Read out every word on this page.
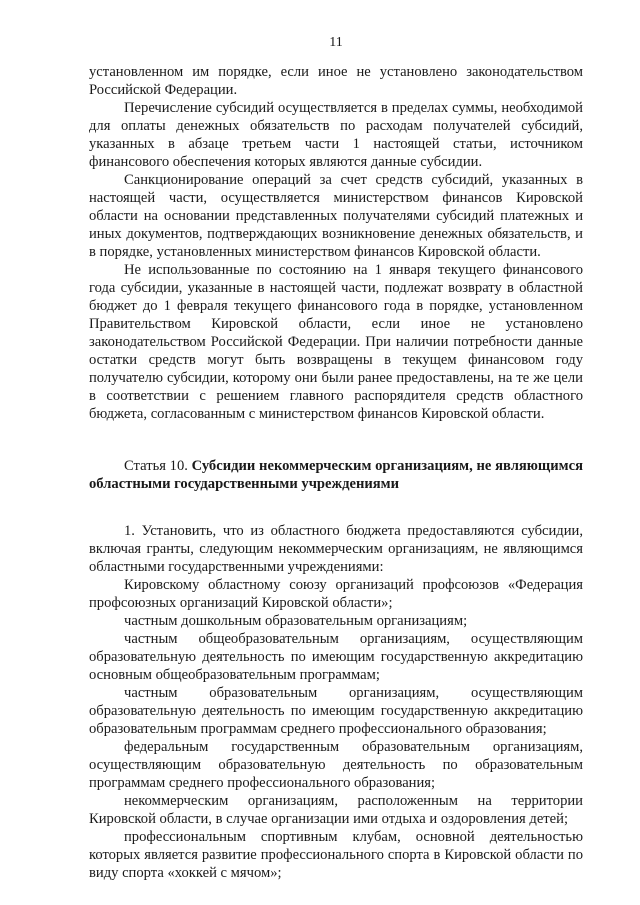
11

установленном им порядке, если иное не установлено законодательством Российской Федерации.

Перечисление субсидий осуществляется в пределах суммы, необходимой для оплаты денежных обязательств по расходам получателей субсидий, указанных в абзаце третьем части 1 настоящей статьи, источником финансового обеспечения которых являются данные субсидии.

Санкционирование операций за счет средств субсидий, указанных в настоящей части, осуществляется министерством финансов Кировской области на основании представленных получателями субсидий платежных и иных документов, подтверждающих возникновение денежных обязательств, и в порядке, установленных министерством финансов Кировской области.

Не использованные по состоянию на 1 января текущего финансового года субсидии, указанные в настоящей части, подлежат возврату в областной бюджет до 1 февраля текущего финансового года в порядке, установленном Правительством Кировской области, если иное не установлено законодательством Российской Федерации. При наличии потребности данные остатки средств могут быть возвращены в текущем финансовом году получателю субсидии, которому они были ранее предоставлены, на те же цели в соответствии с решением главного распорядителя средств областного бюджета, согласованным с министерством финансов Кировской области.

Статья 10. Субсидии некоммерческим организациям, не являющимся областными государственными учреждениями

1. Установить, что из областного бюджета предоставляются субсидии, включая гранты, следующим некоммерческим организациям, не являющимся областными государственными учреждениями:

Кировскому областному союзу организаций профсоюзов «Федерация профсоюзных организаций Кировской области»;

частным дошкольным образовательным организациям;

частным общеобразовательным организациям, осуществляющим образовательную деятельность по имеющим государственную аккредитацию основным общеобразовательным программам;

частным образовательным организациям, осуществляющим образовательную деятельность по имеющим государственную аккредитацию образовательным программам среднего профессионального образования;

федеральным государственным образовательным организациям, осуществляющим образовательную деятельность по образовательным программам среднего профессионального образования;

некоммерческим организациям, расположенным на территории Кировской области, в случае организации ими отдыха и оздоровления детей;

профессиональным спортивным клубам, основной деятельностью которых является развитие профессионального спорта в Кировской области по виду спорта «хоккей с мячом»;
